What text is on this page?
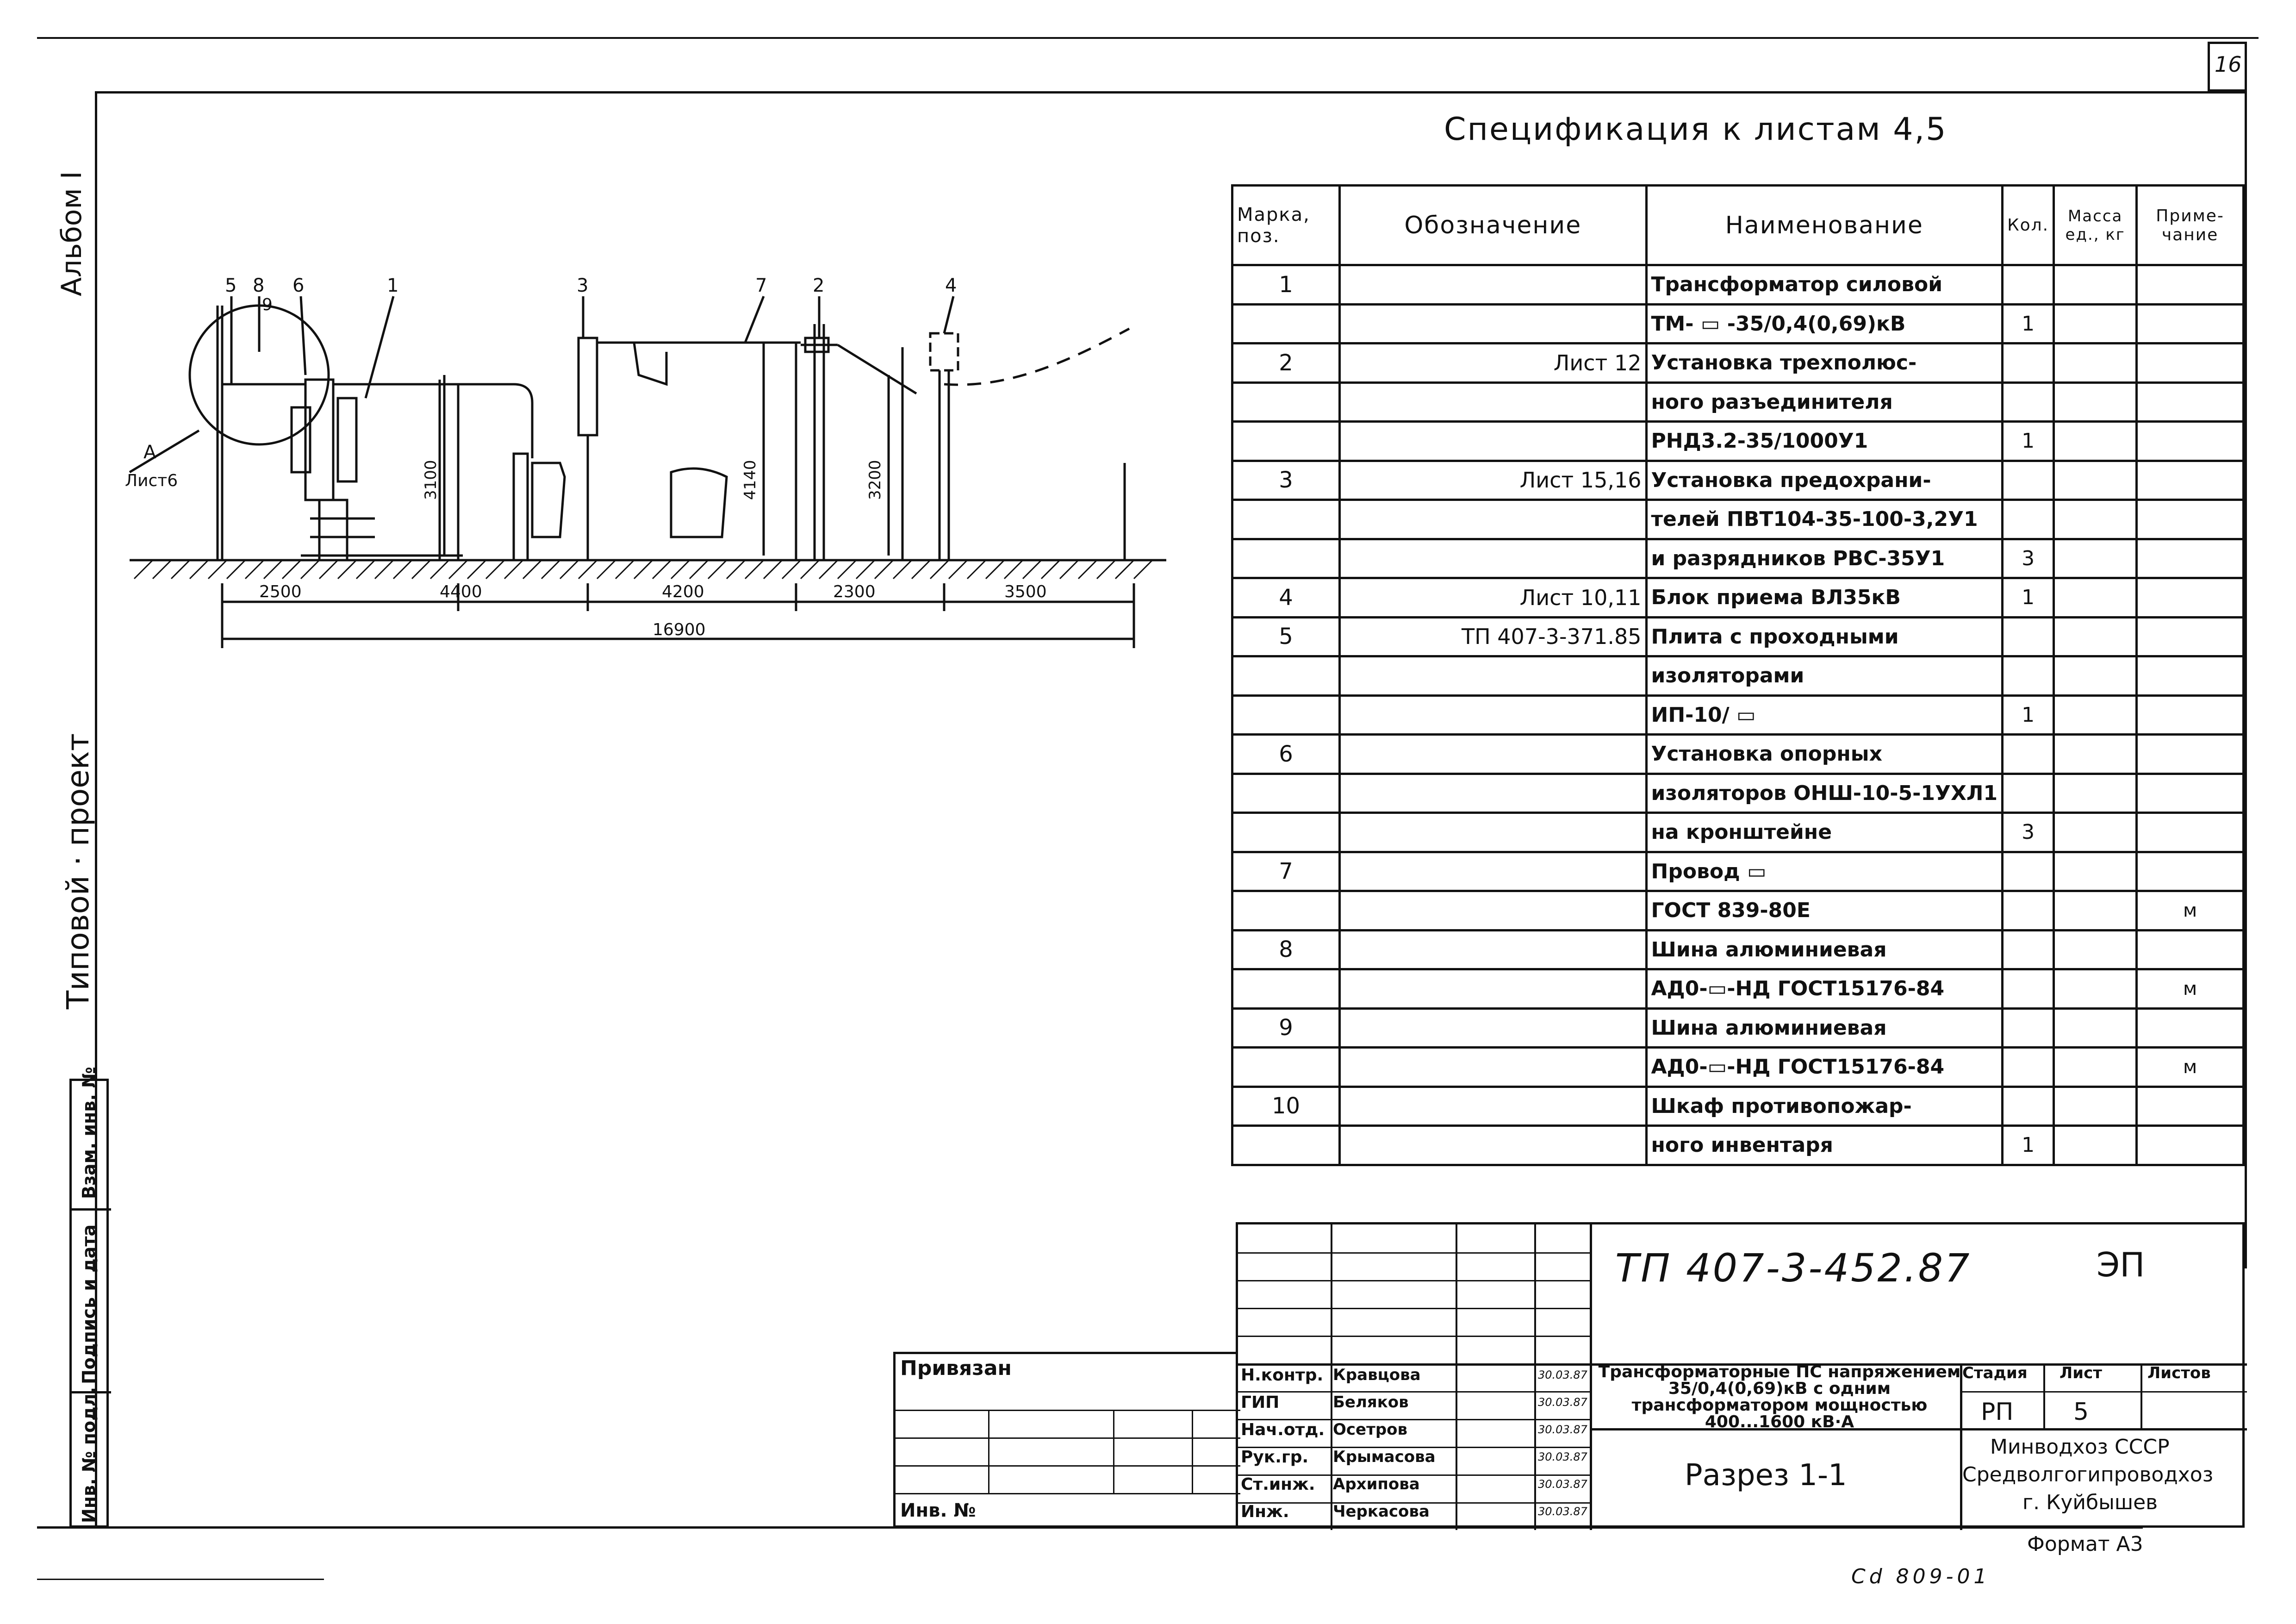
16
Альбом I
Типовой · проект
Взам. инв. №
Подпись и дата
Инв. № подл.
Спецификация к листам 4,5
Марка, поз.	Обозначение	Наименование	Кол.	Масса ед., кг	Приме- чание
1		Трансформатор силовой			
		ТМ- ▭ -35/0,4(0,69)кВ	1		
2	Лист 12	Установка трехполюс-			
		ного разъединителя			
		РНД3.2-35/1000У1	1		
3	Лист 15,16	Установка предохрани-			
		телей ПВТ104-35-100-3,2У1			
		и разрядников РВС-35У1	3		
4	Лист 10,11	Блок приема ВЛ35кВ	1		
5	ТП 407-3-371.85	Плита с проходными			
		изоляторами			
		ИП-10/ ▭	1		
6		Установка опорных			
		изоляторов ОНШ-10-5-1УХЛ1			
		на кронштейне	3		
7		Провод ▭			
		ГОСТ 839-80Е			м
8		Шина алюминиевая			
		АД0-▭-НД ГОСТ15176-84			м
9		Шина алюминиевая			
		АД0-▭-НД ГОСТ15176-84			м
10		Шкаф противопожар-			
		ного инвентаря	1		
5 8 6	1
9
3	7 2	4
А
Лист6	3100	4140	3200
2500	4400	4200	2300	3500
16900
ТП 407-3-452.87	ЭП
Н.контр. Кравцова	30.03.87
ГИП	Беляков	30.03.87
Нач.отд. Осетров	30.03.87
Рук.гр. Крымасова	30.03.87
Ст.инж. Архипова	30.03.87
Инж.	Черкасова	30.03.87
Трансформаторные ПС напряжением 35/0,4(0,69)кВ с одним трансформатором мощностью 400...1600 кВ·А
Разрез 1-1
Стадия Лист	Листов
РП 5
Минводхоз СССР
Средволгогипроводхоз
г. Куйбышев
Привязан
Инв. №
Формат А3
Cd 809-01
